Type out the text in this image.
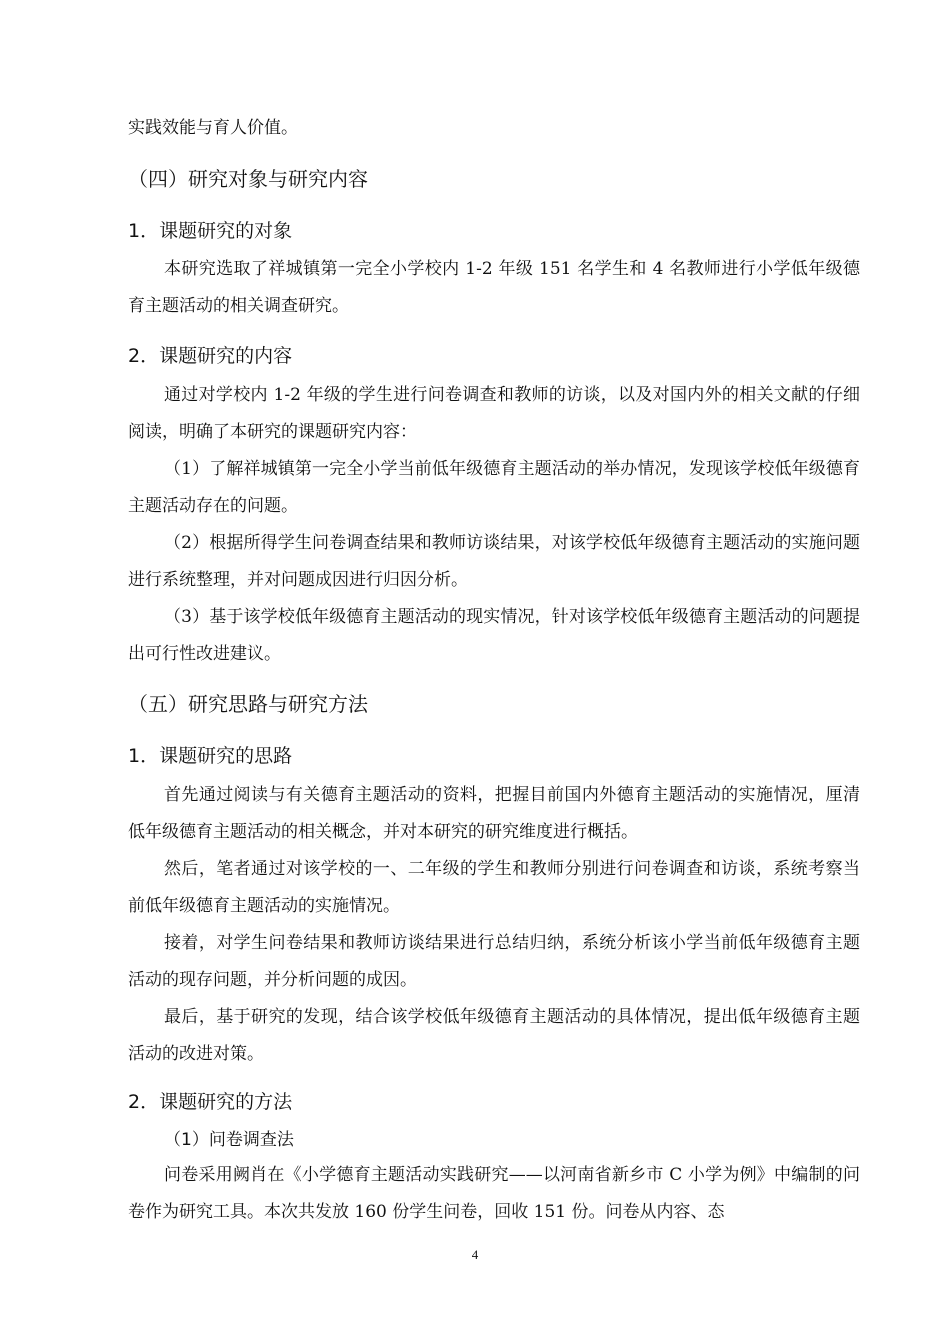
实践效能与育人价值。

（四）研究对象与研究内容
1．课题研究的对象

本研究选取了祥城镇第一完全小学校内 1-2 年级 151 名学生和 4 名教师进行小学低年级德育主题活动的相关调查研究。

2．课题研究的内容

通过对学校内 1-2 年级的学生进行问卷调查和教师的访谈，以及对国内外的相关文献的仔细阅读，明确了本研究的课题研究内容：

（1）了解祥城镇第一完全小学当前低年级德育主题活动的举办情况，发现该学校低年级德育主题活动存在的问题。

（2）根据所得学生问卷调查结果和教师访谈结果，对该学校低年级德育主题活动的实施问题进行系统整理，并对问题成因进行归因分析。

（3）基于该学校低年级德育主题活动的现实情况，针对该学校低年级德育主题活动的问题提出可行性改进建议。

（五）研究思路与研究方法
1．课题研究的思路

首先通过阅读与有关德育主题活动的资料，把握目前国内外德育主题活动的实施情况，厘清低年级德育主题活动的相关概念，并对本研究的研究维度进行概括。

然后，笔者通过对该学校的一、二年级的学生和教师分别进行问卷调查和访谈，系统考察当前低年级德育主题活动的实施情况。

接着，对学生问卷结果和教师访谈结果进行总结归纳，系统分析该小学当前低年级德育主题活动的现存问题，并分析问题的成因。

最后，基于研究的发现，结合该学校低年级德育主题活动的具体情况，提出低年级德育主题活动的改进对策。

2．课题研究的方法
（1）问卷调查法

问卷采用阙肖在《小学德育主题活动实践研究——以河南省新乡市 C 小学为例》中编制的问卷作为研究工具。本次共发放 160 份学生问卷，回收 151 份。问卷从内容、态

4
